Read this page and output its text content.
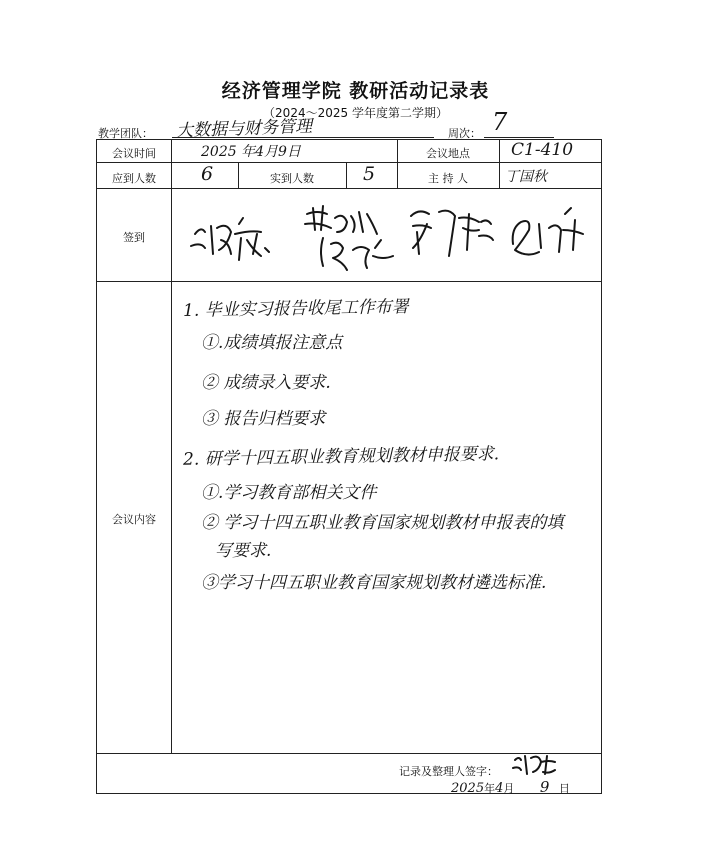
经济管理学院 教研活动记录表
（2024～2025 学年度第二学期）
教学团队： 大数据与财务管理	周次： 7
会议时间	2025 年4月9日	会议地点	C1-410
应到人数	6	实到人数	5	主 持 人	丁国秋
签到
会议内容
1. 毕业实习报告收尾工作布署
①.成绩填报注意点
② 成绩录入要求.
③ 报告归档要求
2. 研学十四五职业教育规划教材申报要求.
①.学习教育部相关文件
② 学习十四五职业教育国家规划教材申报表的填
写要求.
③学习十四五职业教育国家规划教材遴选标准.
记录及整理人签字：
2025年4月 9 日
